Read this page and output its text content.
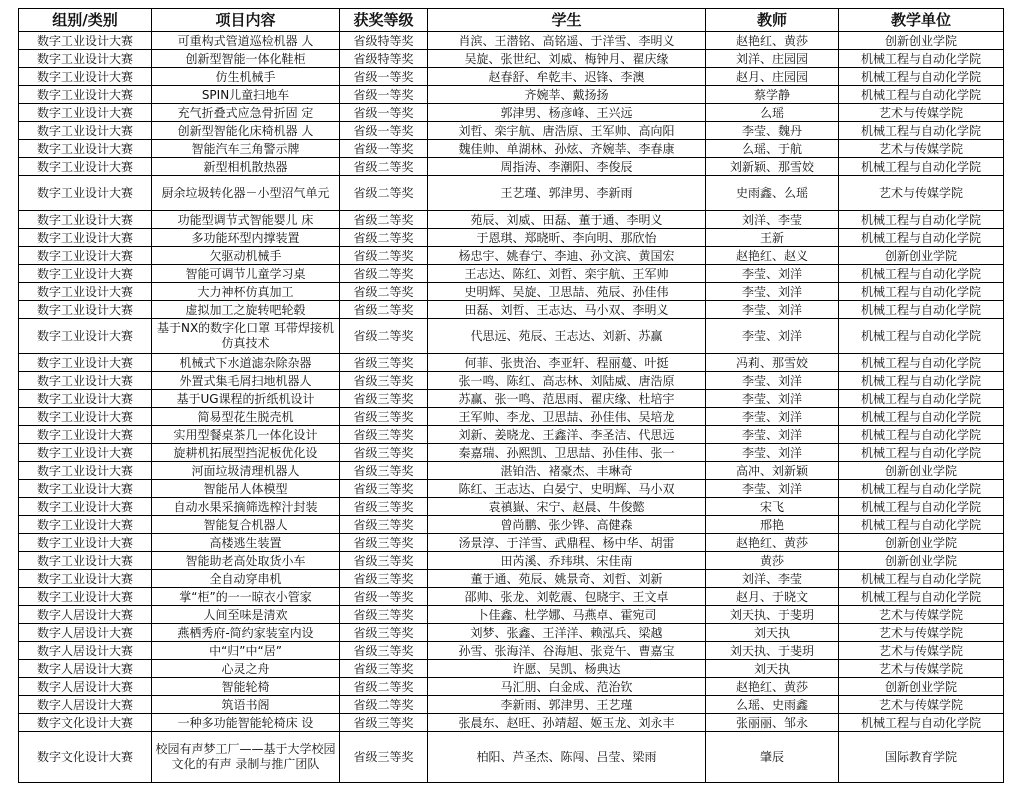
组别/类别	项目内容	获奖等级	学生	教师	教学单位
数字工业设计大赛	可重构式管道巡检机器 人	省级特等奖	肖滨、王潜铭、高铭遥、于洋雪、李明义	赵艳红、黄莎	创新创业学院
数字工业设计大赛	创新型智能一体化鞋柜	省级特等奖	吴旋、张世纪、刘威、梅钟月、翟庆缘	刘洋、庄园园	机械工程与自动化学院
数字工业设计大赛	仿生机械手	省级一等奖	赵春舒、牟乾丰、迟锋、李澳	赵月、庄园园	机械工程与自动化学院
数字工业设计大赛	SPIN儿童扫地车	省级一等奖	齐婉莘、戴扬扬	蔡学静	机械工程与自动化学院
数字工业设计大赛	充气折叠式应急骨折固 定	省级一等奖	郭津男、杨彦峰、王兴远	么瑶	艺术与传媒学院
数字工业设计大赛	创新型智能化床椅机器 人	省级一等奖	刘哲、栾宇航、唐浩原、王军帅、高向阳	李莹、魏丹	机械工程与自动化学院
数字工业设计大赛	智能汽车三角警示牌	省级一等奖	魏佳帅、单湖林、孙炫、齐婉莘、李春康	么瑶、于航	艺术与传媒学院
数字工业设计大赛	新型相机散热器	省级二等奖	周指涛、李潮阳、李俊辰	刘新颖、那雪姣	机械工程与自动化学院
数字工业设计大赛	厨余垃圾转化器－小型沼气单元	省级二等奖	王艺瑾、郭津男、李新雨	史雨鑫、么瑶	艺术与传媒学院
数字工业设计大赛	功能型调节式智能婴儿 床	省级二等奖	苑辰、刘威、田磊、董于通、李明义	刘洋、李莹	机械工程与自动化学院
数字工业设计大赛	多功能环型内撑装置	省级二等奖	于恩琪、郑晓昕、李向明、那欣怡	王新	机械工程与自动化学院
数字工业设计大赛	欠驱动机械手	省级二等奖	杨忠宇、姚春宁、李迪、孙文滨、黄国宏	赵艳红、赵义	创新创业学院
数字工业设计大赛	智能可调节儿童学习桌	省级二等奖	王志达、陈红、刘哲、栾宇航、王军帅	李莹、刘洋	机械工程与自动化学院
数字工业设计大赛	大力神杯仿真加工	省级二等奖	史明辉、吴旋、卫思喆、苑辰、孙佳伟	李莹、刘洋	机械工程与自动化学院
数字工业设计大赛	虚拟加工之旋转吧轮毂	省级二等奖	田磊、刘哲、王志达、马小双、李明义	李莹、刘洋	机械工程与自动化学院
数字工业设计大赛	基于NX的数字化口罩 耳带焊接机仿真技术	省级二等奖	代思远、苑辰、王志达、刘新、苏赢	李莹、刘洋	机械工程与自动化学院
数字工业设计大赛	机械式下水道滤杂除杂器	省级三等奖	何菲、张贵治、李亚轩、程丽蔓、叶挺	冯莉、那雪姣	机械工程与自动化学院
数字工业设计大赛	外置式集毛屑扫地机器人	省级三等奖	张一鸣、陈红、高志林、刘陆威、唐浩原	李莹、刘洋	机械工程与自动化学院
数字工业设计大赛	基于UG课程的折纸机设计	省级三等奖	苏赢、张一鸣、范思雨、翟庆缘、杜培宇	李莹、刘洋	机械工程与自动化学院
数字工业设计大赛	简易型花生脱壳机	省级三等奖	王军帅、李龙、卫思喆、孙佳伟、吴培龙	李莹、刘洋	机械工程与自动化学院
数字工业设计大赛	实用型餐桌茶几一体化设计	省级三等奖	刘新、姜晓龙、王鑫洋、李圣洁、代思远	李莹、刘洋	机械工程与自动化学院
数字工业设计大赛	旋耕机拓展型挡泥板优化设	省级三等奖	秦嘉瑞、孙熙凯、卫思喆、孙佳伟、张一	李莹、刘洋	机械工程与自动化学院
数字工业设计大赛	河面垃圾清理机器人	省级三等奖	湛铂浩、褚豪杰、丰琳奇	高冲、刘新颖	创新创业学院
数字工业设计大赛	智能吊人体模型	省级三等奖	陈红、王志达、白晏宁、史明辉、马小双	李莹、刘洋	机械工程与自动化学院
数字工业设计大赛	自动水果采摘筛选榨汁封装	省级三等奖	袁禛嶽、宋宁、赵晨、牛俊懿	宋飞	机械工程与自动化学院
数字工业设计大赛	智能复合机器人	省级三等奖	曾尚鹏、张少铧、高健森	邢艳	机械工程与自动化学院
数字工业设计大赛	高楼逃生装置	省级三等奖	汤景淳、于洋雪、武鼎程、杨中华、胡雷	赵艳红、黄莎	创新创业学院
数字工业设计大赛	智能助老高处取货小车	省级三等奖	田芮溪、乔玮琪、宋佳南	黄莎	创新创业学院
数字工业设计大赛	全自动穿串机	省级三等奖	董于通、苑辰、姚景奇、刘哲、刘新	刘洋、李莹	机械工程与自动化学院
数字工业设计大赛	掌“柜”的一一晾衣小管家	省级一等奖	邵帅、张龙、刘乾震、包晓宇、王文卓	赵月、于晓文	机械工程与自动化学院
数字人居设计大赛	人间至味是清欢	省级三等奖	卜佳鑫、杜学娜、马燕卓、霍宛司	刘天执、于斐玥	艺术与传媒学院
数字人居设计大赛	燕栖秀府-简约家装室内设	省级三等奖	刘梦、张鑫、王洋洋、赖泓兵、梁越	刘天执	艺术与传媒学院
数字人居设计大赛	中“归”中“居”	省级三等奖	孙雪、张海洋、谷海旭、张竞午、曹嘉宝	刘天执、于斐玥	艺术与传媒学院
数字人居设计大赛	心灵之舟	省级三等奖	许愿、吴凯、杨典达	刘天执	艺术与传媒学院
数字人居设计大赛	智能轮椅	省级二等奖	马汇朋、白金成、范治钦	赵艳红、黄莎	创新创业学院
数字人居设计大赛	筑语书阁	省级二等奖	李新雨、郭津男、王艺瑾	么瑶、史雨鑫	艺术与传媒学院
数字文化设计大赛	一种多功能智能轮椅床 设	省级三等奖	张晨东、赵旺、孙靖超、姬玉龙、刘永丰	张丽丽、邹永	机械工程与自动化学院
数字文化设计大赛	校园有声梦工厂——基于大学校园文化的有声 录制与推广团队	省级三等奖	柏阳、芦圣杰、陈闯、吕莹、梁雨	肇辰	国际教育学院
